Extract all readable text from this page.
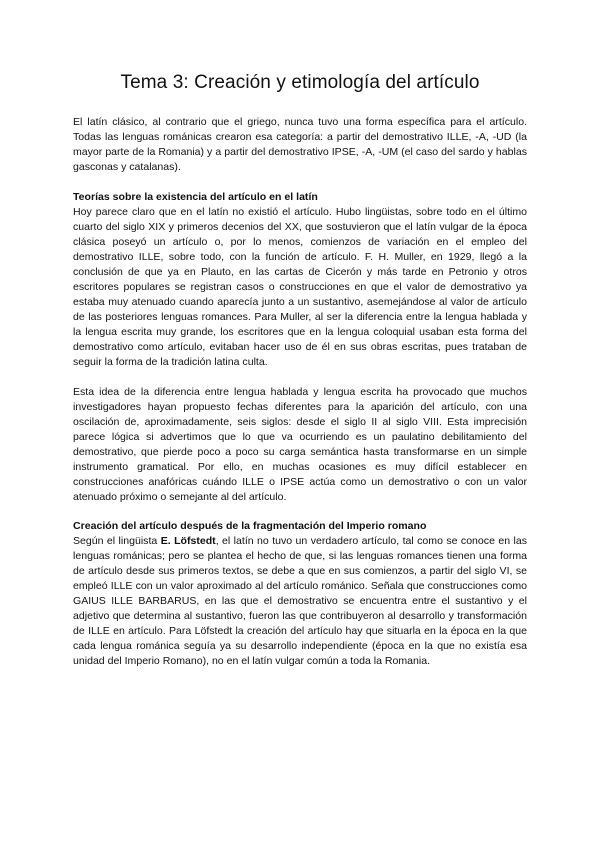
Tema 3: Creación y etimología del artículo

El latín clásico, al contrario que el griego, nunca tuvo una forma específica para el artículo. Todas las lenguas románicas crearon esa categoría: a partir del demostrativo ILLE, -A, -UD (la mayor parte de la Romania) y a partir del demostrativo IPSE, -A, -UM (el caso del sardo y hablas gasconas y catalanas).

Teorías sobre la existencia del artículo en el latín

Hoy parece claro que en el latín no existió el artículo. Hubo lingüistas, sobre todo en el último cuarto del siglo XIX y primeros decenios del XX, que sostuvieron que el latín vulgar de la época clásica poseyó un artículo o, por lo menos, comienzos de variación en el empleo del demostrativo ILLE, sobre todo, con la función de artículo. F. H. Muller, en 1929, llegó a la conclusión de que ya en Plauto, en las cartas de Cicerón y más tarde en Petronio y otros escritores populares se registran casos o construcciones en que el valor de demostrativo ya estaba muy atenuado cuando aparecía junto a un sustantivo, asemejándose al valor de artículo de las posteriores lenguas romances. Para Muller, al ser la diferencia entre la lengua hablada y la lengua escrita muy grande, los escritores que en la lengua coloquial usaban esta forma del demostrativo como artículo, evitaban hacer uso de él en sus obras escritas, pues trataban de seguir la forma de la tradición latina culta.

Esta idea de la diferencia entre lengua hablada y lengua escrita ha provocado que muchos investigadores hayan propuesto fechas diferentes para la aparición del artículo, con una oscilación de, aproximadamente, seis siglos: desde el siglo II al siglo VIII. Esta imprecisión parece lógica si advertimos que lo que va ocurriendo es un paulatino debilitamiento del demostrativo, que pierde poco a poco su carga semántica hasta transformarse en un simple instrumento gramatical. Por ello, en muchas ocasiones es muy difícil establecer en construcciones anafóricas cuándo ILLE o IPSE actúa como un demostrativo o con un valor atenuado próximo o semejante al del artículo.

Creación del artículo después de la fragmentación del Imperio romano

Según el lingüista E. Löfstedt, el latín no tuvo un verdadero artículo, tal como se conoce en las lenguas románicas; pero se plantea el hecho de que, si las lenguas romances tienen una forma de artículo desde sus primeros textos, se debe a que en sus comienzos, a partir del siglo VI, se empleó ILLE con un valor aproximado al del artículo románico. Señala que construcciones como GAIUS ILLE BARBARUS, en las que el demostrativo se encuentra entre el sustantivo y el adjetivo que determina al sustantivo, fueron las que contribuyeron al desarrollo y transformación de ILLE en artículo. Para Löfstedt la creación del artículo hay que situarla en la época en la que cada lengua románica seguía ya su desarrollo independiente (época en la que no existía esa unidad del Imperio Romano), no en el latín vulgar común a toda la Romania.
